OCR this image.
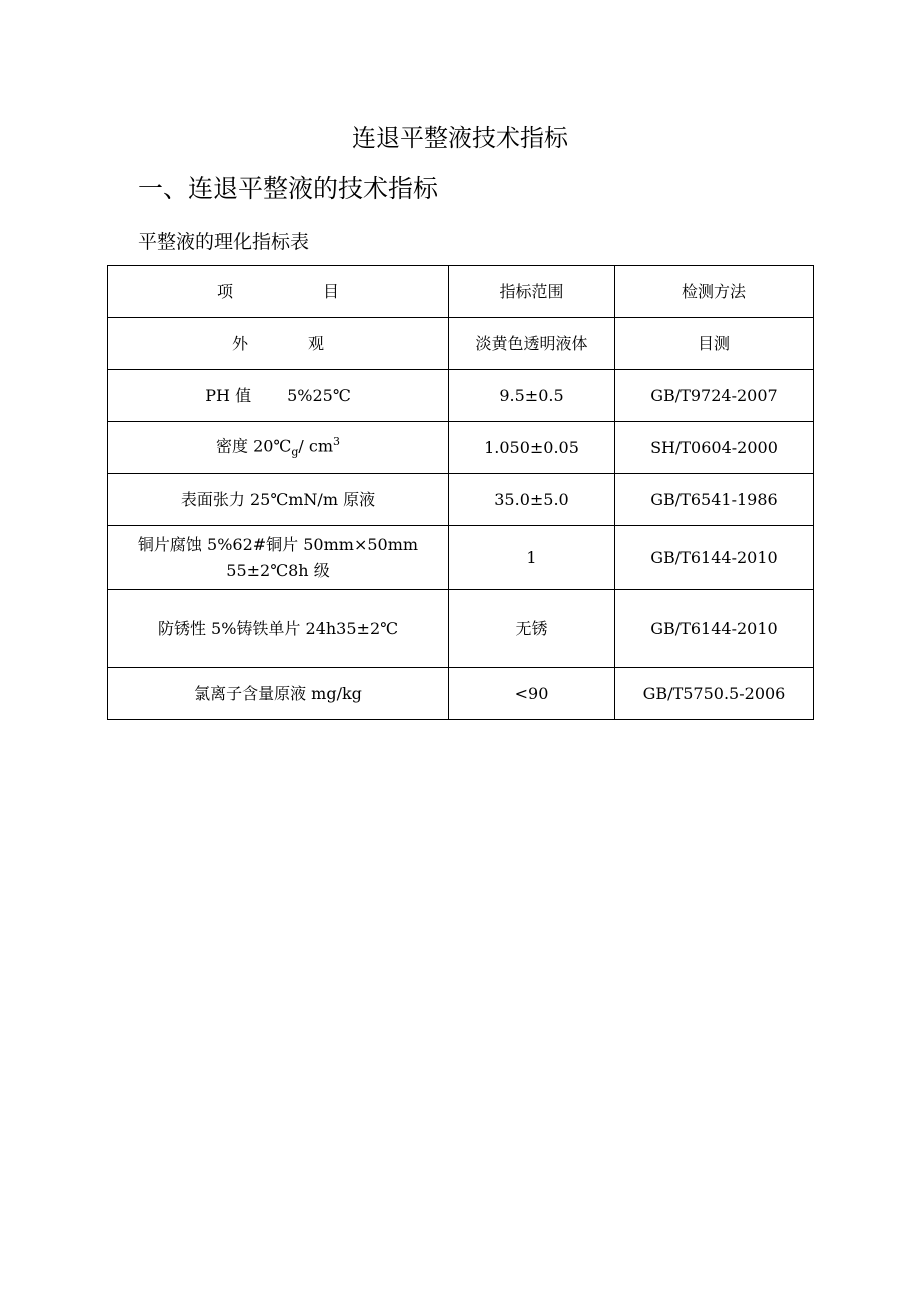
连退平整液技术指标
一、连退平整液的技术指标
平整液的理化指标表
项 目	指标范围	检测方法
外 观	淡黄色透明液体	目测
PH 值 5%25℃	9.5±0.5	GB/T9724-2007
密度 $20℃_g/$ $cm^3$	1.050±0.05	SH/T0604-2000
表面张力 25℃mN/m 原液	35.0±5.0	GB/T6541-1986

铜片腐蚀 5%62#铜片 50mm×50mm
55±2℃8h 级	1	GB/T6144-2010
防锈性 5%铸铁单片 24h35±2℃	无锈	GB/T6144-2010
氯离子含量原液 mg/kg	<90	GB/T5750.5-2006
